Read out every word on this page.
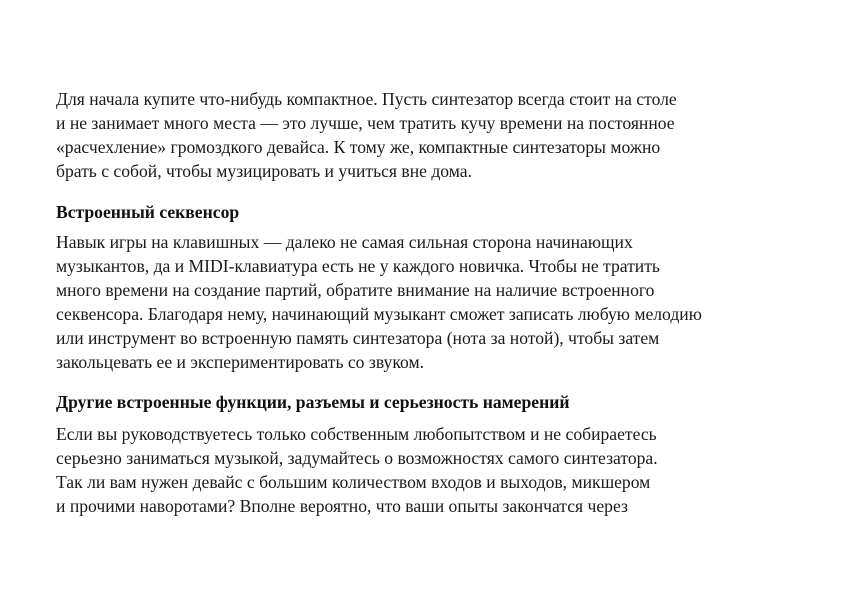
Для начала купите что-нибудь компактное. Пусть синтезатор всегда стоит на столе
и не занимает много места — это лучше, чем тратить кучу времени на постоянное
«расчехление» громоздкого девайса. К тому же, компактные синтезаторы можно
брать с собой, чтобы музицировать и учиться вне дома.
Встроенный секвенсор
Навык игры на клавишных — далеко не самая сильная сторона начинающих
музыкантов, да и MIDI-клавиатура есть не у каждого новичка. Чтобы не тратить
много времени на создание партий, обратите внимание на наличие встроенного
секвенсора. Благодаря нему, начинающий музыкант сможет записать любую мелодию
или инструмент во встроенную память синтезатора (нота за нотой), чтобы затем
закольцевать ее и экспериментировать со звуком.
Другие встроенные функции, разъемы и серьезность намерений
Если вы руководствуетесь только собственным любопытством и не собираетесь
серьезно заниматься музыкой, задумайтесь о возможностях самого синтезатора.
Так ли вам нужен девайс с большим количеством входов и выходов, микшером
и прочими наворотами? Вполне вероятно, что ваши опыты закончатся через
